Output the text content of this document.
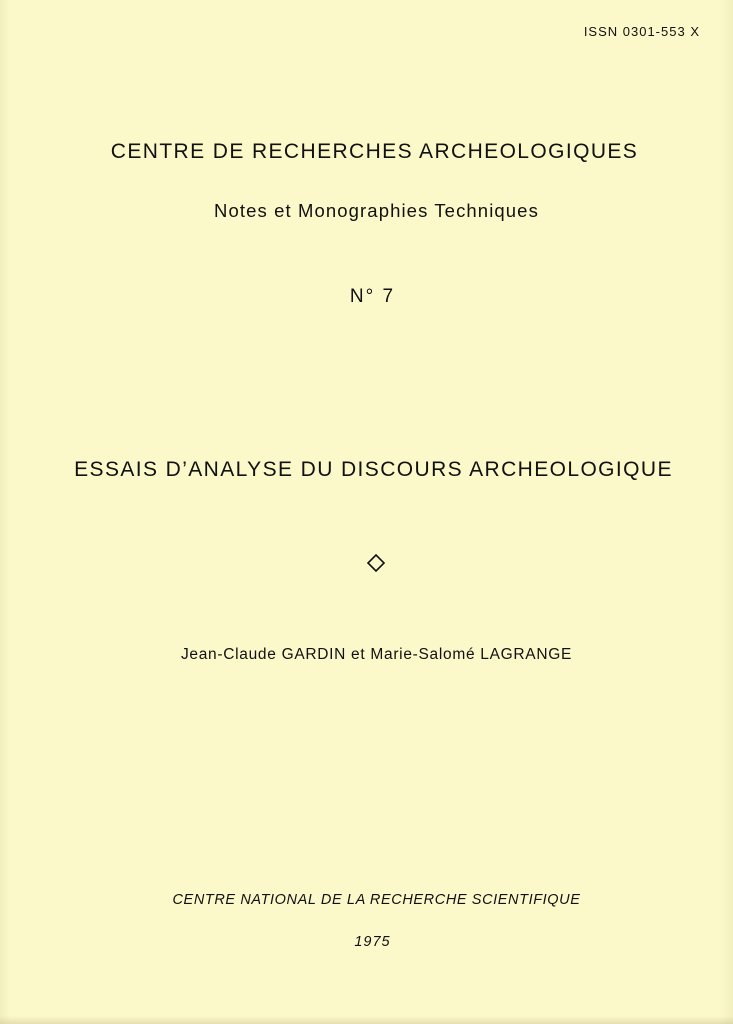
ISSN 0301-553 X
CENTRE DE RECHERCHES ARCHEOLOGIQUES
Notes et Monographies Techniques
N° 7
ESSAIS D’ANALYSE DU DISCOURS ARCHEOLOGIQUE
Jean-Claude GARDIN et Marie-Salomé LAGRANGE
CENTRE NATIONAL DE LA RECHERCHE SCIENTIFIQUE
1975
